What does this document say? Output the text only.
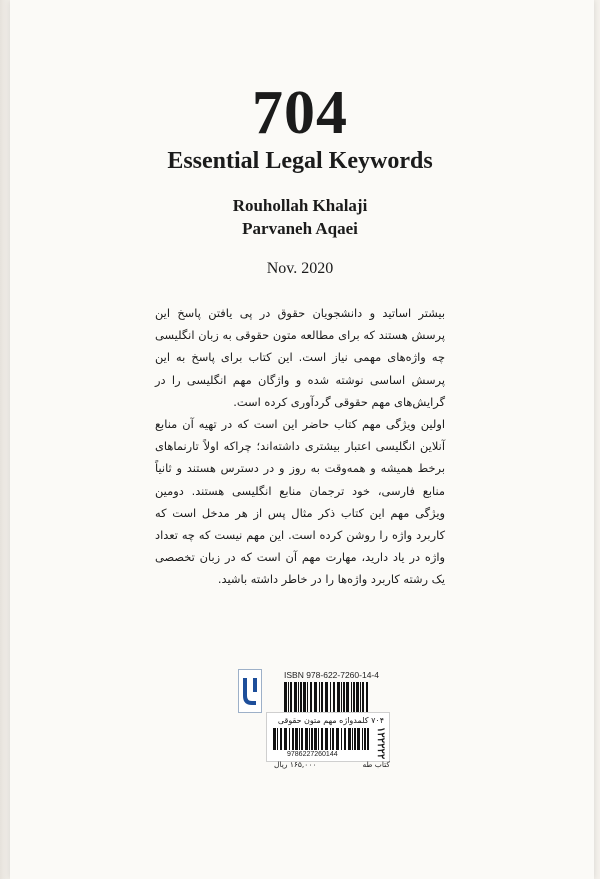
704
Essential Legal Keywords
Rouhollah Khalaji
Parvaneh Aqaei
Nov. 2020

بیشتر اساتید و دانشجویان حقوق در پی یافتن پاسخ این پرسش هستند که برای مطالعه متون حقوقی به زبان انگلیسی چه واژه‌های مهمی نیاز است. این کتاب برای پاسخ به این پرسش اساسی نوشته شده و واژگان مهم انگلیسی را در گرایش‌های مهم حقوقی گردآوری کرده است.

اولین ویژگی مهم کتاب حاضر این است که در تهیه آن منابع آنلاین انگلیسی اعتبار بیشتری داشته‌اند؛ چراکه اولاً تارنماهای برخط همیشه و همه‌وقت به روز و در دسترس هستند و ثانیاً منابع فارسی، خود ترجمان منابع انگلیسی هستند. دومین ویژگی مهم این کتاب ذکر مثال پس از هر مدخل است که کاربرد واژه را روشن کرده است. این مهم نیست که چه تعداد واژه در یاد دارید، مهارت مهم آن است که در زبان تخصصی یک رشته کاربرد واژه‌ها را در خاطر داشته باشید.

ISBN 978-622-7260-14-4
۷۰۴ کلمدواژه مهم متون حقوقی
9786227260144	۱۲۲۲۲۲
کتاب طه
۱۶۵,۰۰۰ ریال
